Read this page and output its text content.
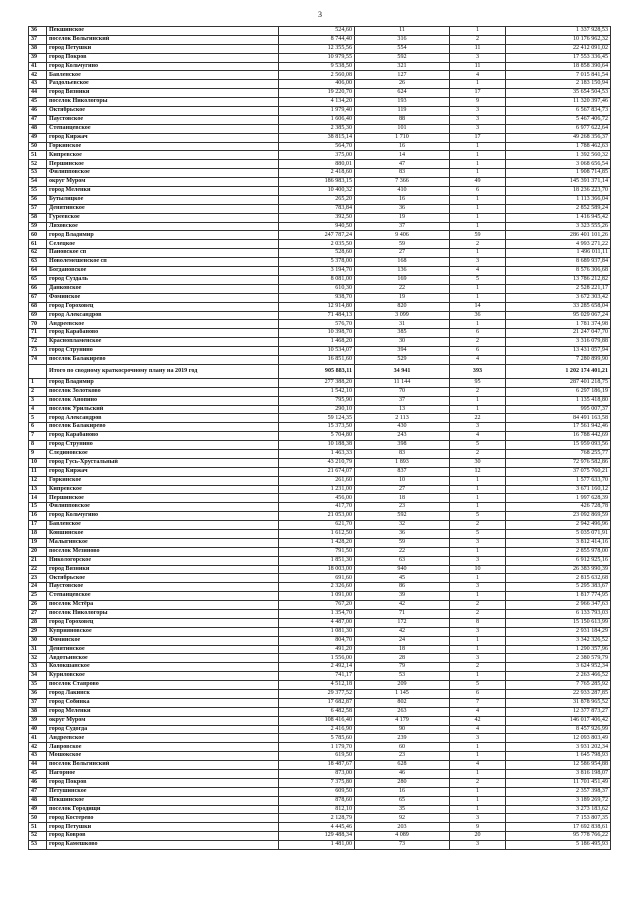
3
36	Пекшинское	524,60	11	1	1 337 928,53
37	поселок Вольгинский	8 744,40	316	2	10 176 962,32
38	город Петушки	12 355,56	554	11	22 412 091,02
39	город Покров	10 979,55	592	3	17 553 336,45
41	город Кольчугино	9 538,50	321	11	18 858 390,64
42	Бавленское	2 560,08	127	4	7 015 841,54
43	Раздольевское	406,00	26	1	2 183 150,94
44	город Вязники	19 220,70	624	17	35 654 504,53
45	поселок Никологоры	4 134,20	193	9	11 320 397,46
46	Октябрьское	1 979,40	119	3	6 567 834,73
47	Паустовское	1 606,40	88	3	5 467 406,72
48	Степанцевское	2 385,30	101	3	6 977 622,64
49	город Киржач	38 815,14	1 710	17	49 268 356,37
50	Горкинское	564,70	16	1	1 788 462,63
51	Кипревское	375,00	14	1	1 392 560,32
52	Першинское	880,01	47	1	3 068 656,54
53	Филипповское	2 418,60	83	1	1 908 714,85
54	округ Муром	186 983,15	7 366	49	145 391 371,14
55	город Меленки	10 400,32	410	6	18 236 223,70
56	Бутылицкое	265,20	16	1	1 113 366,04
57	Денятинское	783,84	36	1	2 852 589,24
58	Гуреевское	392,50	19	1	1 416 945,42
59	Ляховское	940,50	37	1	3 323 555,26
60	город Владимир	247 787,24	9 406	59	286 401 101,26
61	Селецкое	2 035,50	59	2	4 993 271,22
62	Пановское сп	528,60	27	1	1 496 011,11
63	Новолемешенское сп	5 378,00	168	3	8 689 937,84
64	Богдановское	3 194,70	136	4	8 576 306,68
65	город Суздаль	8 081,00	169	5	13 786 212,82
66	Данковское	610,30	22	1	2 528 221,17
67	Фоминское	938,70	19	1	3 672 303,42
68	город Гороховец	12 914,80	820	14	33 285 658,04
69	город Александров	71 484,13	3 099	36	95 029 067,24
70	Андреевское	576,70	31	1	1 781 374,98
71	город Карабаново	10 398,70	385	6	21 247 047,70
72	Краснопламенское	1 468,20	30	2	3 316 079,88
73	город Струнино	10 534,07	394	6	13 431 057,94
74	поселок Балакирево	16 851,60	529	4	7 280 899,90
	Итого по сводному краткосрочному плану на 2019 год	905 883,11	34 941	393	1 202 174 401,21
1	город Владимир	277 388,20	11 144	95	287 401 218,75
2	поселок Золотково	1 542,10	70	2	6 297 186,19
3	поселок Анопино	795,90	37	1	1 135 418,80
4	поселок Урильский	290,10	13	1	995 007,37
5	город Александров	59 124,35	2 113	22	84 491 163,58
6	поселок Балакирево	15 373,50	430	3	17 561 942,46
7	город Карабаново	5 704,80	243	4	16 788 442,69
8	город Струнино	10 188,38	398	5	15 959 093,56
9	Слединовское	1 463,33	83	2	768 255,77
10	город Гусь-Хрустальный	43 210,79	1 893	30	72 976 582,86
11	город Киржач	21 674,07	837	12	37 075 760,21
12	Горкинское	261,60	10	1	1 577 633,70
13	Кипревское	1 231,00	27	1	3 671 160,12
14	Першинское	456,00	18	1	1 997 628,39
15	Филипповское	417,70	23	1	426 728,78
16	город Кольчугино	21 053,00	592	5	23 092 869,59
17	Бавленское	621,70	32	2	2 942 496,96
18	Ковшинское	1 612,50	36	5	5 035 071,91
19	Малыгинское	1 428,20	59	3	3 812 414,16
20	поселок Мезиново	791,50	22	1	2 855 978,00
21	Никологорское	1 851,30	63	3	6 912 925,16
22	город Вязники	18 003,00	940	10	26 383 990,39
23	Октябрьское	691,60	45	1	2 815 632,68
24	Паустовское	2 326,60	86	3	5 295 383,67
25	Степанцевское	1 091,00	39	1	1 817 774,95
26	поселок Мстёра	767,20	42	2	2 966 347,63
27	поселок Никологоры	1 354,70	71	2	6 133 793,03
28	город Гороховец	4 487,00	172	8	15 150 613,99
29	Куприяновское	1 081,30	42	3	2 931 184,29
30	Фоминское	804,70	24	1	3 342 326,52
31	Денятинское	491,20	18	1	1 290 357,96
32	Авдотьинское	1 556,00	28	3	2 380 579,79
33	Колокшанское	2 492,14	79	2	3 624 952,34
34	Куриловское	741,17	53	1	2 263 466,52
35	поселок Ставрово	4 512,18	209	5	7 765 285,92
36	город Лакинск	29 377,52	1 145	6	22 933 287,85
37	город Собинка	17 682,87	802	7	31 878 965,52
38	город Меленки	6 482,58	263	4	12 377 873,27
39	округ Муром	108 416,40	4 179	42	146 017 406,42
40	город Судогда	2 416,90	90	4	8 457 926,99
41	Андреевское	5 785,60	239	3	12 093 803,49
42	Лавровское	1 179,70	60	1	3 931 202,34
43	Мошокское	619,50	23	1	1 645 798,93
44	поселок Вольгинский	18 487,67	628	4	12 586 954,88
45	Нагорное	873,00	46	1	3 816 198,07
46	город Покров	7 375,80	280	2	11 701 451,49
47	Петушинское	609,50	16	1	2 357 398,37
48	Пекшинское	878,60	65	1	3 189 269,72
49	поселок Городищи	812,10	35	1	3 273 183,62
50	город Костерево	2 128,79	92	3	7 153 807,35
51	город Петушки	4 445,46	203	9	17 692 838,61
52	город Ковров	129 488,34	4 089	20	95 778 766,22
53	город Камешково	1 481,00	73	3	5 186 495,93
